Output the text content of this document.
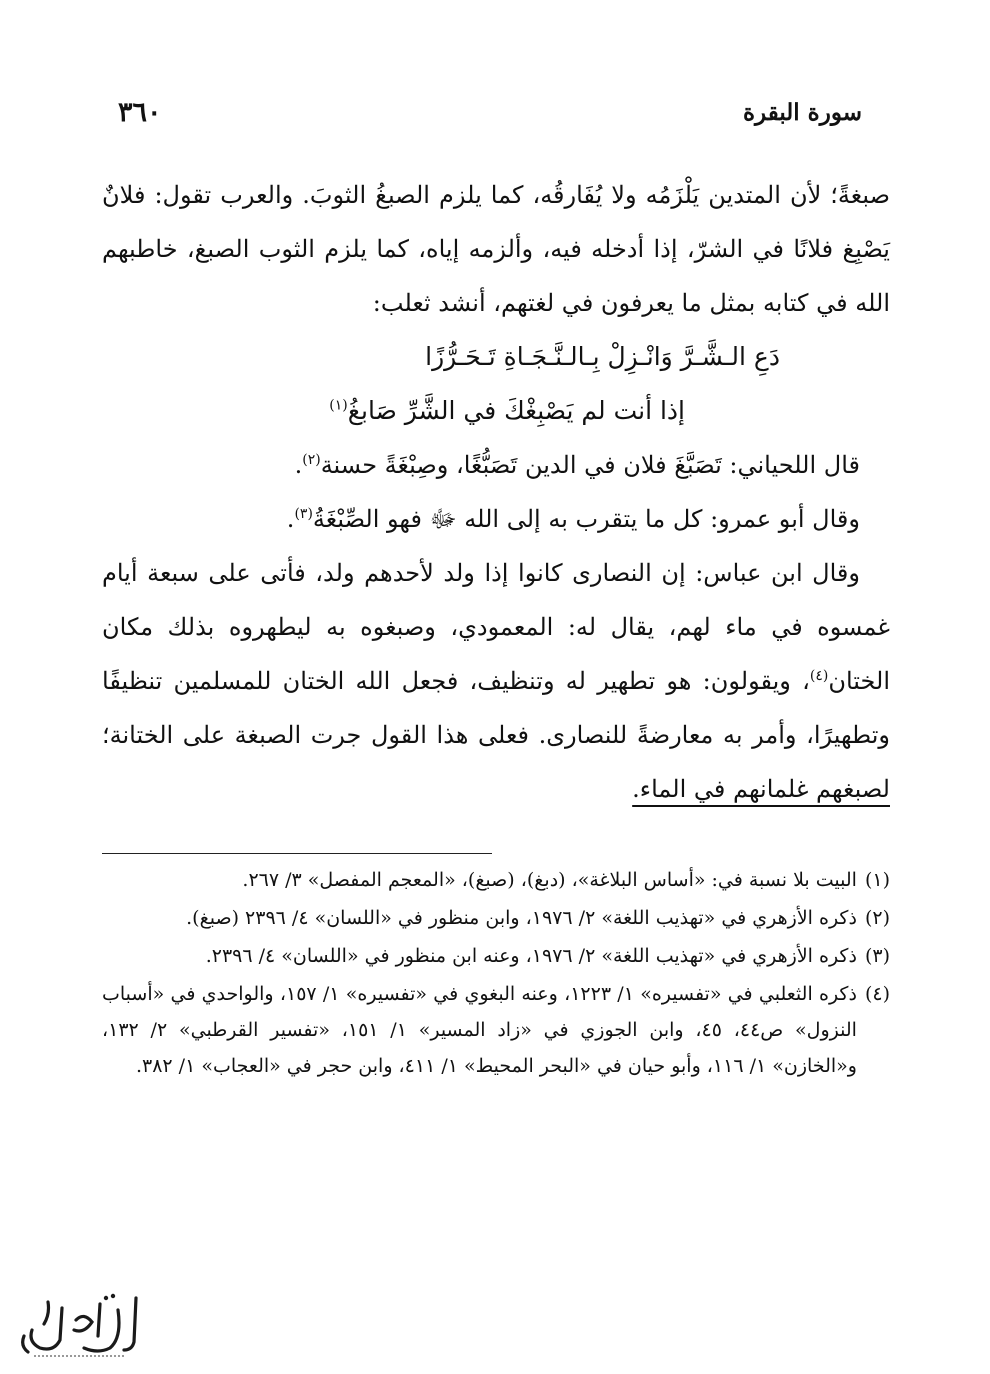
٣٦٠	سورة البقرة

صبغةً؛ لأن المتدين يَلْزَمُه ولا يُفَارقُه، كما يلزم الصبغُ الثوبَ. والعرب تقول: فلانٌ يَصْبِغ فلانًا في الشرّ، إذا أدخله فيه، وألزمه إياه، كما يلزم الثوب الصبغ، خاطبهم الله في كتابه بمثل ما يعرفون في لغتهم، أنشد ثعلب:

دَعِ الـشَّـرَّ وَانْـزِلْ بِـالـنَّـجَـاةِ تَـحَـرُّزًا

إذا أنت لم يَصْبِغْكَ في الشَّرِّ صَابغُ$^{(١)}$

قال اللحياني: تَصَبَّغَ فلان في الدين تَصَبُّغًا، وصِبْغَةً حسنة$^{(٢)}$.

وقال أبو عمرو: كل ما يتقرب به إلى الله ﷻ فهو الصِّبْغَةُ$^{(٣)}$.

وقال ابن عباس: إن النصارى كانوا إذا ولد لأحدهم ولد، فأتى على سبعة أيام غمسوه في ماء لهم، يقال له: المعمودي، وصبغوه به ليطهروه بذلك مكان الختان$^{(٤)}$، ويقولون: هو تطهير له وتنظيف، فجعل الله الختان للمسلمين تنظيفًا وتطهيرًا، وأمر به معارضةً للنصارى. فعلى هذا القول جرت الصبغة على الختانة؛ لصبغهم غلمانهم في الماء.

(١)
البيت بلا نسبة في: «أساس البلاغة»، (دبغ)، (صبغ)، «المعجم المفصل» ٣/ ٢٦٧.
(٢)
ذكره الأزهري في «تهذيب اللغة» ٢/ ١٩٧٦، وابن منظور في «اللسان» ٤/ ٢٣٩٦ (صبغ).
(٣)
ذكره الأزهري في «تهذيب اللغة» ٢/ ١٩٧٦، وعنه ابن منظور في «اللسان» ٤/ ٢٣٩٦.
(٤)
ذكره الثعلبي في «تفسيره» ١/ ١٢٢٣، وعنه البغوي في «تفسيره» ١/ ١٥٧، والواحدي في «أسباب النزول» ص٤٤، ٤٥، وابن الجوزي في «زاد المسير» ١/ ١٥١، «تفسير القرطبي» ٢/ ١٣٢، و«الخازن» ١/ ١١٦، وأبو حيان في «البحر المحيط» ١/ ٤١١، وابن حجر في «العجاب» ١/ ٣٨٢.
